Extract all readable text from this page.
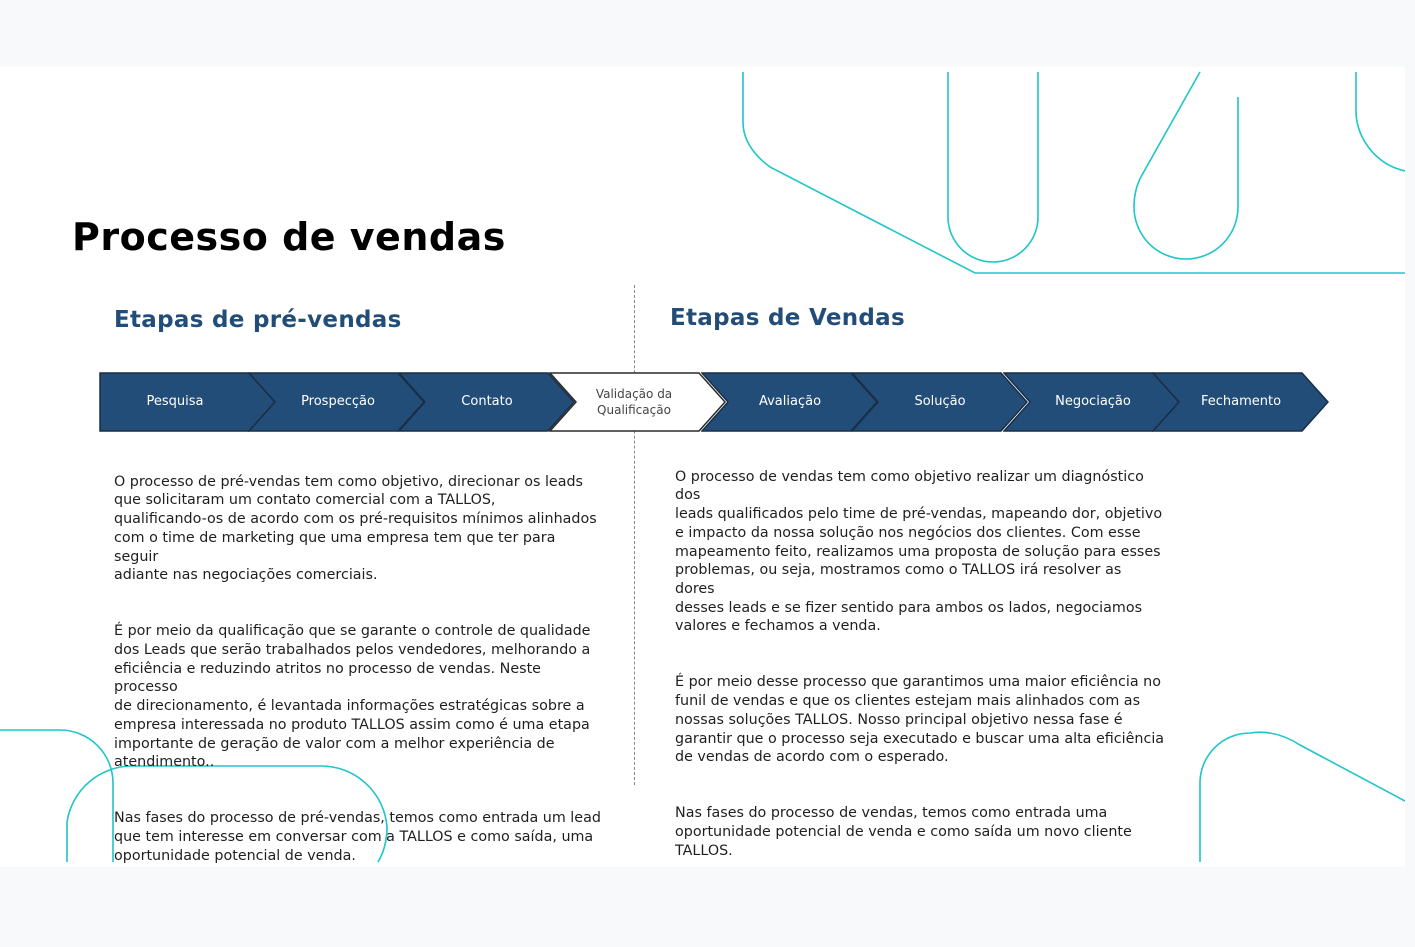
Processo de vendas
Etapas de pré-vendas	Etapas de Vendas
Pesquisa	Prospecção	Contato	Validação da
Qualificação
Avaliação	Solução	Negociação	Fechamento

O processo de pré-vendas tem como objetivo, direcionar os leads
que solicitaram um contato comercial com a TALLOS,
qualificando-os de acordo com os pré-requisitos mínimos alinhados
com o time de marketing que uma empresa tem que ter para seguir
adiante nas negociações comerciais.

É por meio da qualificação que se garante o controle de qualidade
dos Leads que serão trabalhados pelos vendedores, melhorando a
eficiência e reduzindo atritos no processo de vendas. Neste processo
de direcionamento, é levantada informações estratégicas sobre a
empresa interessada no produto TALLOS assim como é uma etapa
importante de geração de valor com a melhor experiência de
atendimento..

Nas fases do processo de pré-vendas, temos como entrada um lead
que tem interesse em conversar com a TALLOS e como saída, uma
oportunidade potencial de venda.

O processo de vendas tem como objetivo realizar um diagnóstico dos
leads qualificados pelo time de pré-vendas, mapeando dor, objetivo
e impacto da nossa solução nos negócios dos clientes. Com esse
mapeamento feito, realizamos uma proposta de solução para esses
problemas, ou seja, mostramos como o TALLOS irá resolver as dores
desses leads e se fizer sentido para ambos os lados, negociamos
valores e fechamos a venda.

É por meio desse processo que garantimos uma maior eficiência no
funil de vendas e que os clientes estejam mais alinhados com as
nossas soluções TALLOS. Nosso principal objetivo nessa fase é
garantir que o processo seja executado e buscar uma alta eficiência
de vendas de acordo com o esperado.

Nas fases do processo de vendas, temos como entrada uma
oportunidade potencial de venda e como saída um novo cliente
TALLOS.
